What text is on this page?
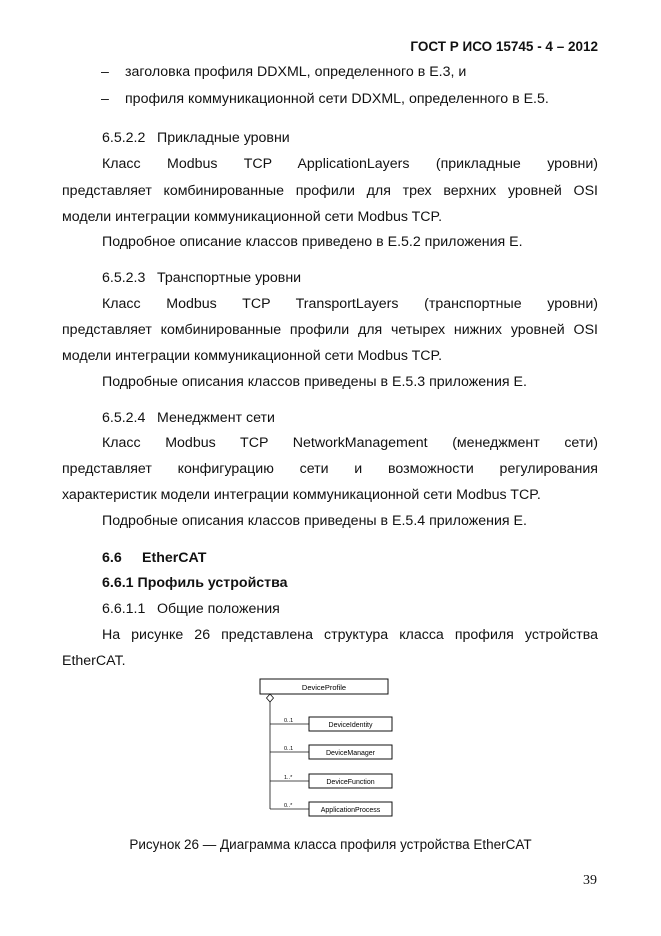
ГОСТ Р ИСО 15745 - 4 – 2012
– заголовка профиля DDXML, определенного в Е.3, и
– профиля коммуникационной сети DDXML, определенного в Е.5.
6.5.2.2 Прикладные уровни
Класс Modbus TCP ApplicationLayers (прикладные уровни)
представляет комбинированные профили для трех верхних уровней OSI
модели интеграции коммуникационной сети Modbus TCP.
Подробное описание классов приведено в Е.5.2 приложения Е.
6.5.2.3 Транспортные уровни
Класс Modbus TCP TransportLayers (транспортные уровни)
представляет комбинированные профили для четырех нижних уровней OSI
модели интеграции коммуникационной сети Modbus TCP.
Подробные описания классов приведены в Е.5.3 приложения Е.
6.5.2.4 Менеджмент сети
Класс Modbus TCP NetworkManagement (менеджмент сети)
представляет конфигурацию сети и возможности регулирования
характеристик модели интеграции коммуникационной сети Modbus TCP.
Подробные описания классов приведены в Е.5.4 приложения Е.
6.6 EtherCAT
6.6.1 Профиль устройства
6.6.1.1 Общие положения
На рисунке 26 представлена структура класса профиля устройства
EtherCAT.
DeviceProfile
0..1
DeviceIdentity
0..1
DeviceManager
1..*
DeviceFunction
0..*
ApplicationProcess
Рисунок 26 — Диаграмма класса профиля устройства EtherCAT
39
